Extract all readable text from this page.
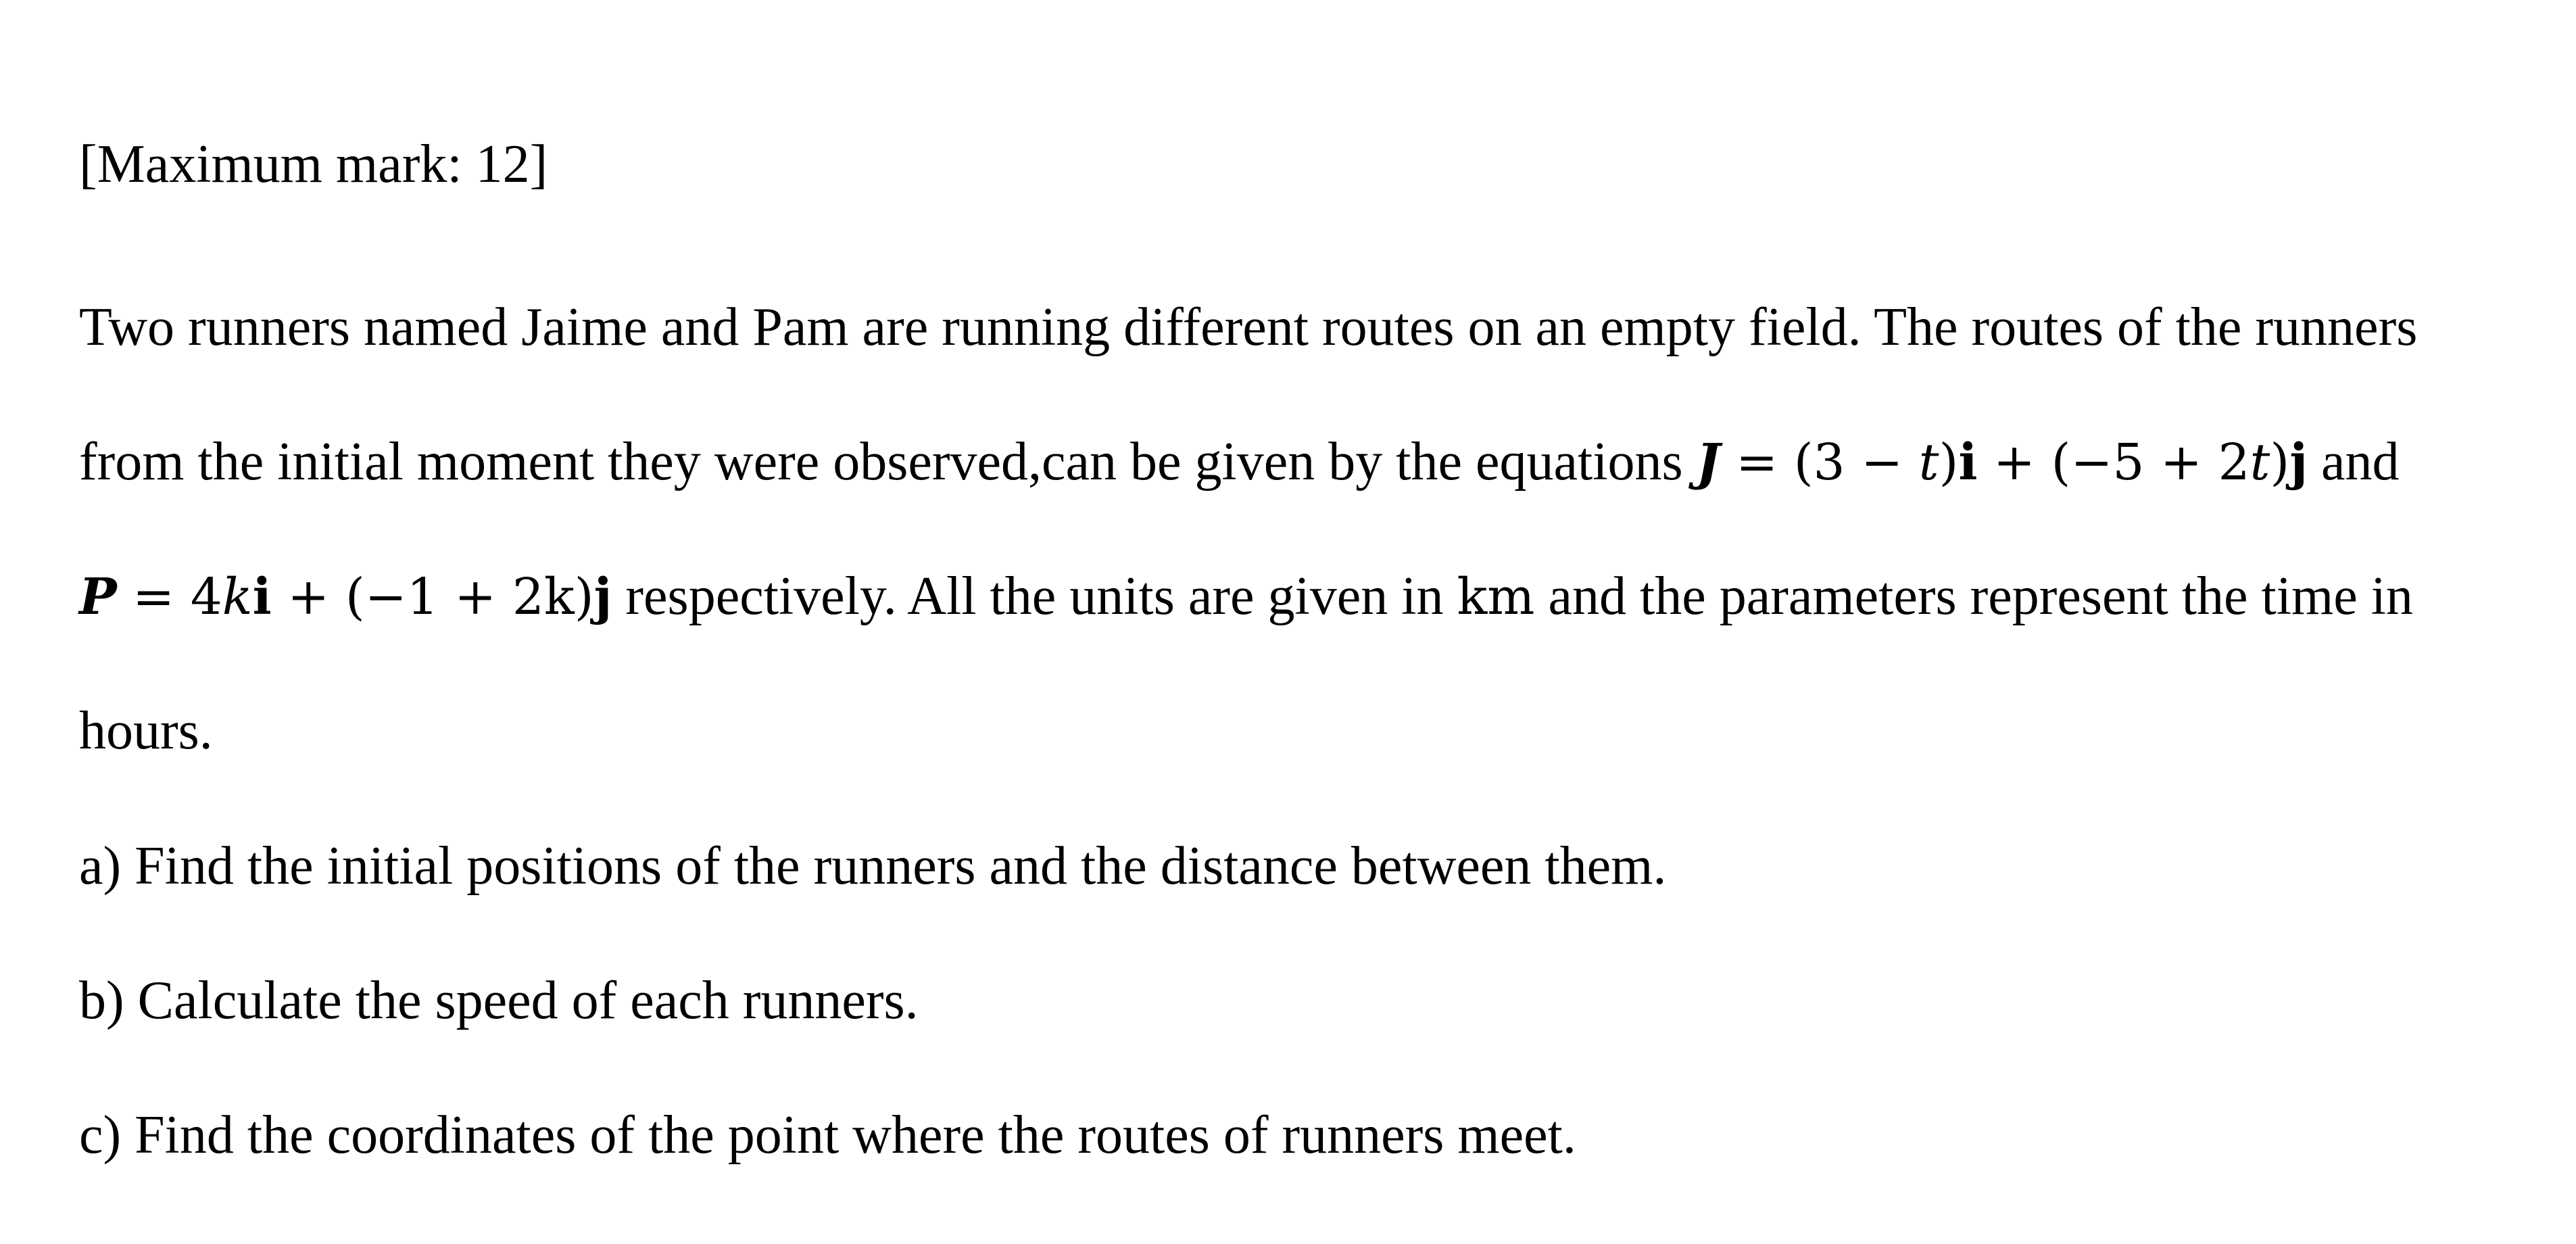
[Maximum mark: 12]
Two runners named Jaime and Pam are running different routes on an empty field. The routes of the runners
from the initial moment they were observed,can be given by the equations J = (3 − t)i + (−5 + 2t)j and
P = 4ki + (−1 + 2k)j respectively. All the units are given in km and the parameters represent the time in
hours.
a) Find the initial positions of the runners and the distance between them.
b) Calculate the speed of each runners.
c) Find the coordinates of the point where the routes of runners meet.
